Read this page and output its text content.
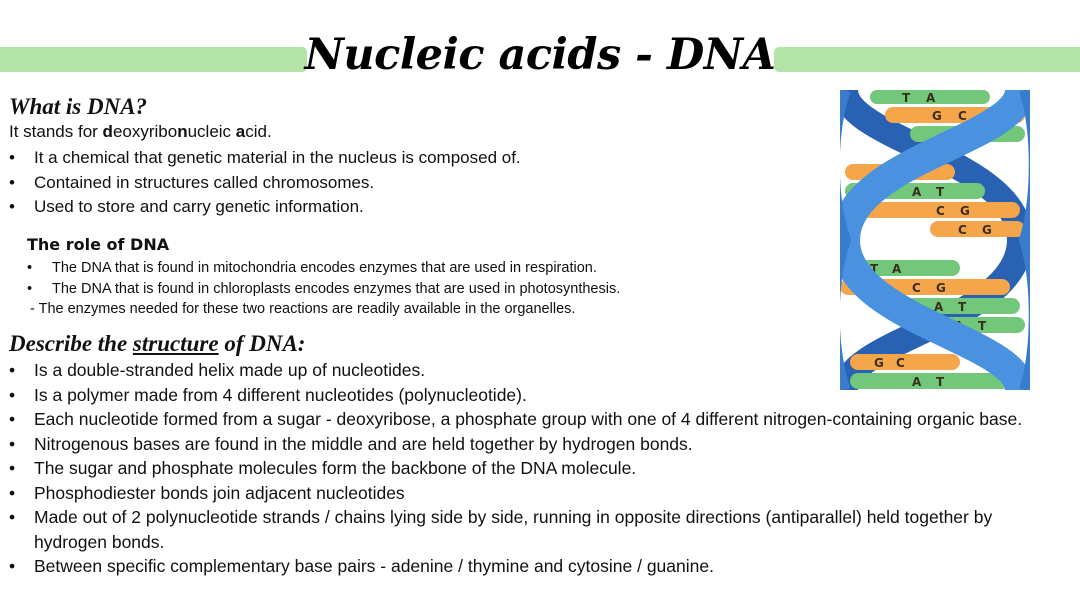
Nucleic acids - DNA
What is DNA?

It stands for deoxyribonucleic acid.

• It a chemical that genetic material in the nucleus is composed of.
• Contained in structures called chromosomes.
• Used to store and carry genetic information.
The role of DNA
• The DNA that is found in mitochondria encodes enzymes that are used in respiration.
• The DNA that is found in chloroplasts encodes enzymes that are used in photosynthesis.

- The enzymes needed for these two reactions are readily available in the organelles.

Describe the structure of DNA:
• Is a double-stranded helix made up of nucleotides.
• Is a polymer made from 4 different nucleotides (polynucleotide).
• Each nucleotide formed from a sugar - deoxyribose, a phosphate group with one of 4 different nitrogen-containing organic base.
• Nitrogenous bases are found in the middle and are held together by hydrogen bonds.
• The sugar and phosphate molecules form the backbone of the DNA molecule.
• Phosphodiester bonds join adjacent nucleotides
• Made out of 2 polynucleotide strands / chains lying side by side, running in opposite directions (antiparallel) held together by hydrogen bonds.
• Between specific complementary base pairs - adenine / thymine and cytosine / guanine.
T A
G C
A T
G C
A T
C G
C G
T A
C G
A T
A T
G C
A T
